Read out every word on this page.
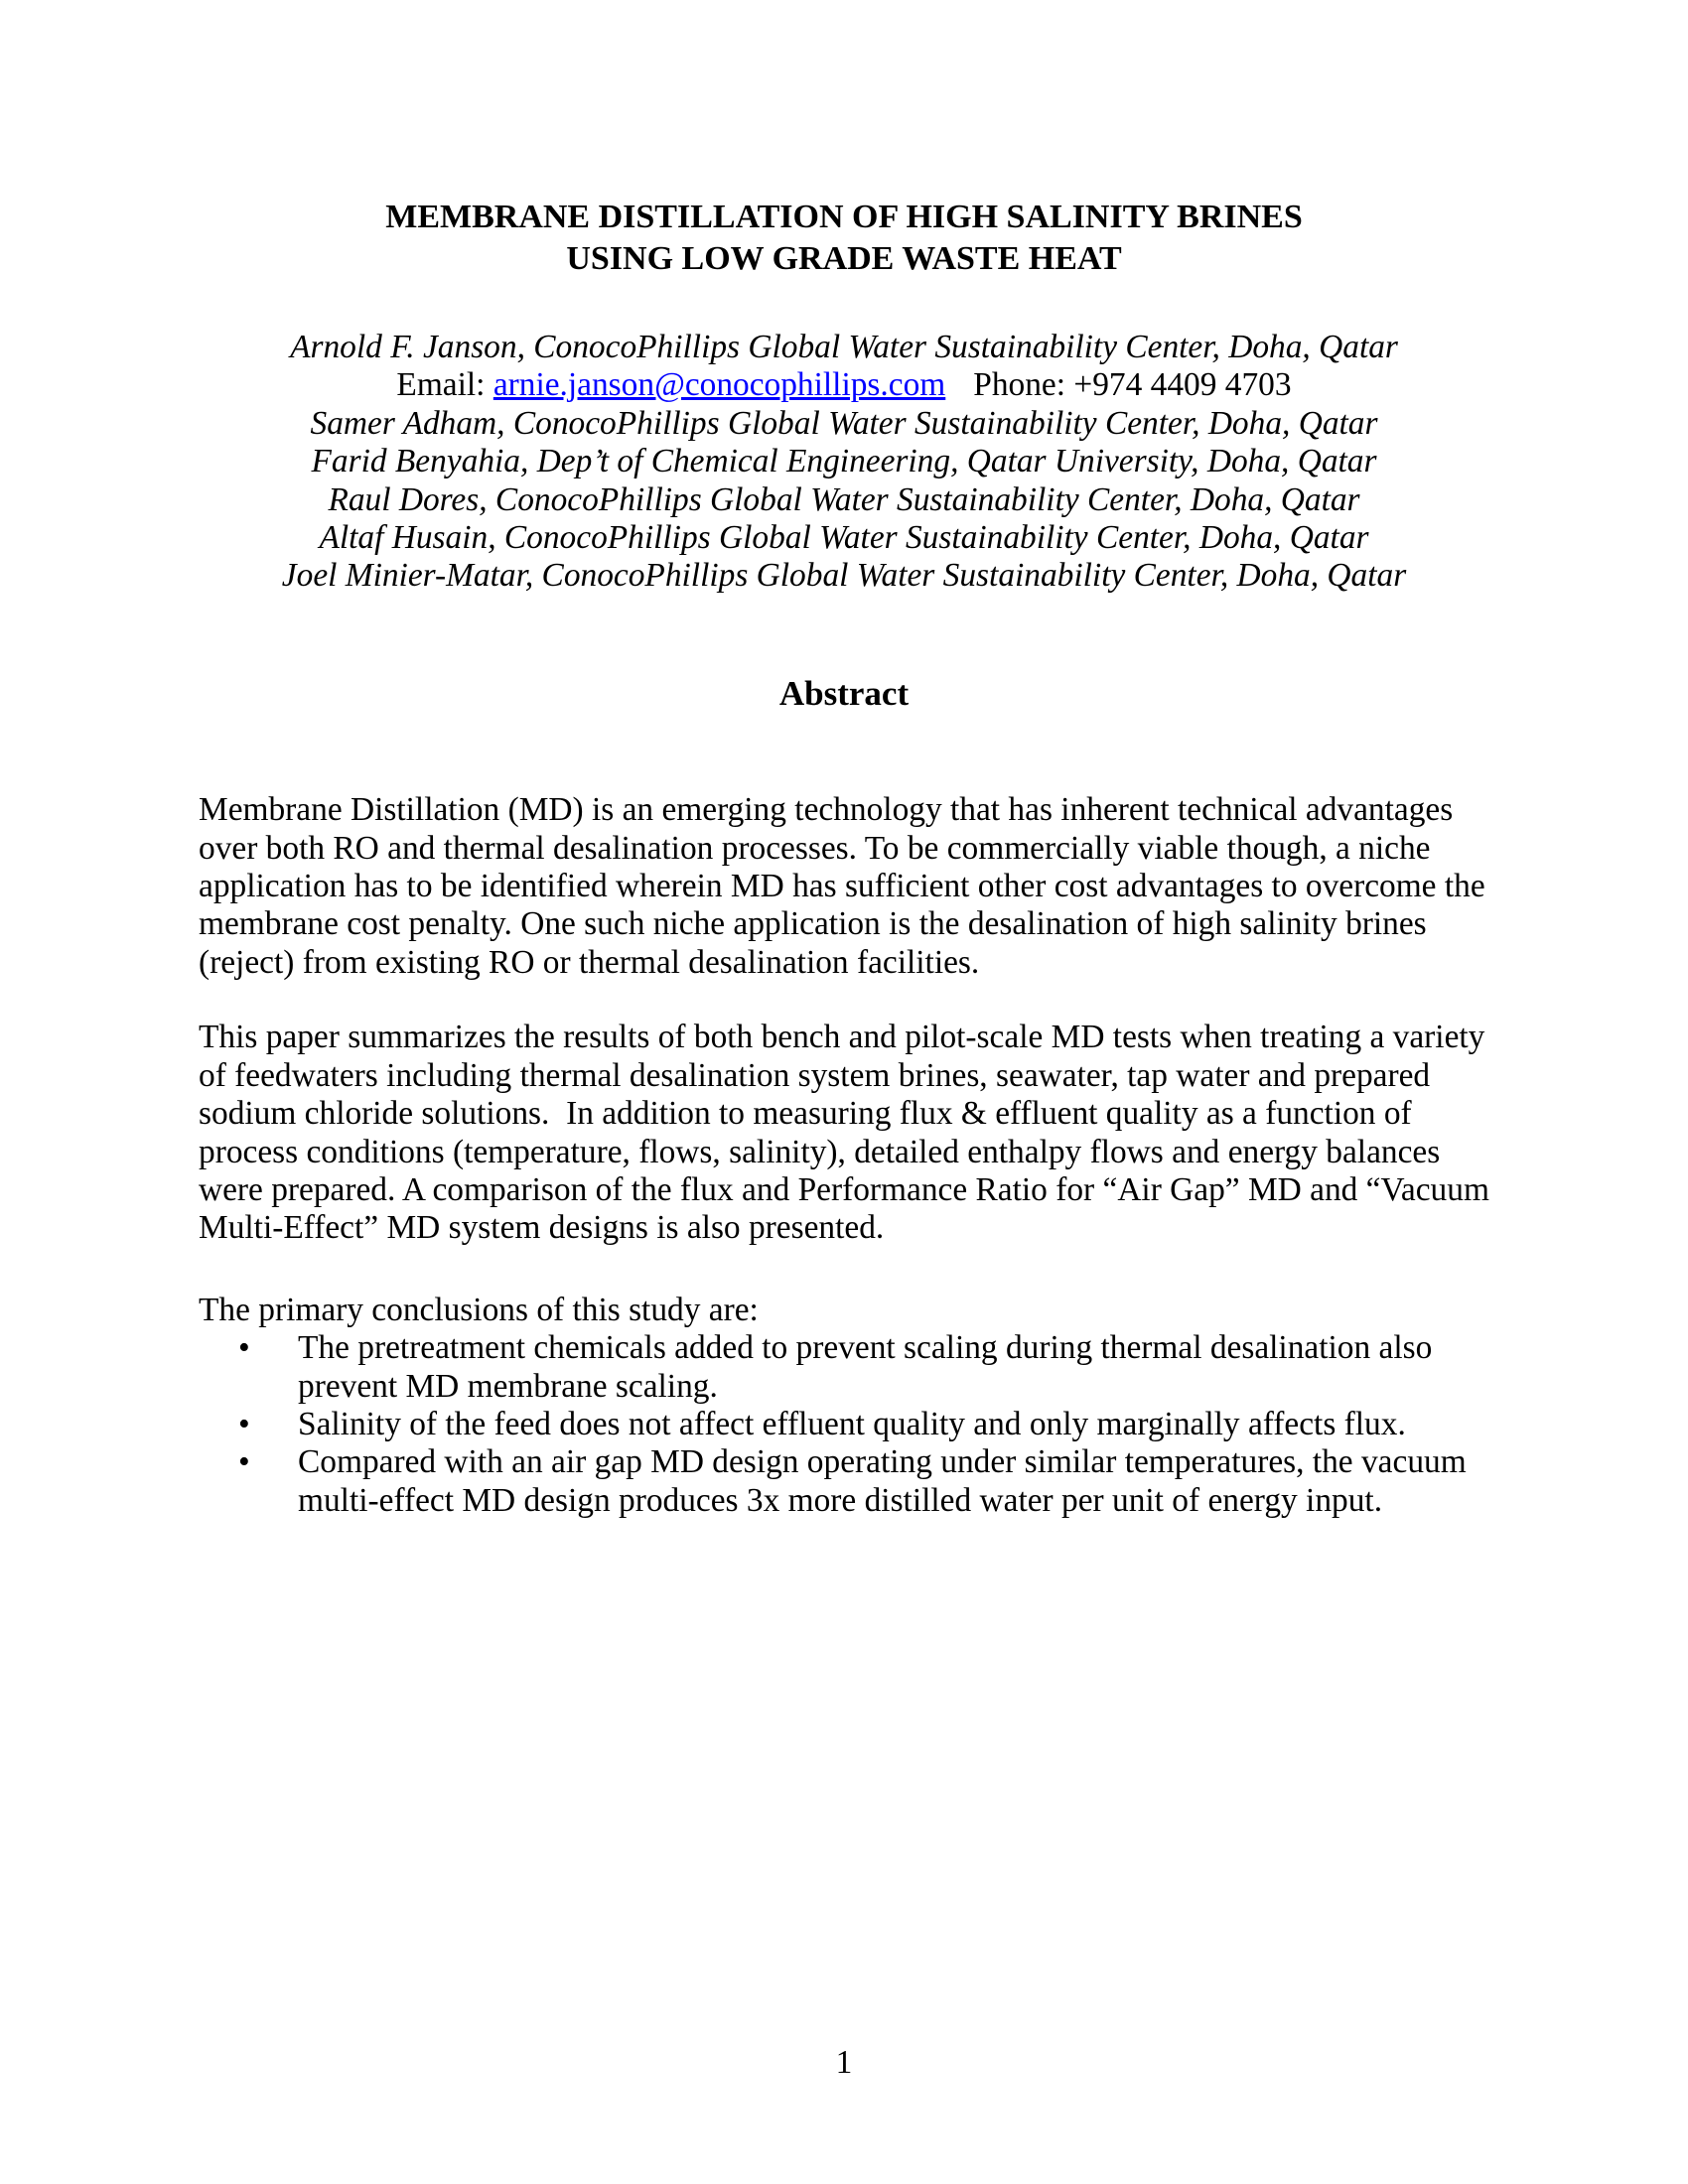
MEMBRANE DISTILLATION OF HIGH SALINITY BRINES
USING LOW GRADE WASTE HEAT
Arnold F. Janson, ConocoPhillips Global Water Sustainability Center, Doha, Qatar
Email: arnie.janson@conocophillips.com Phone: +974 4409 4703
Samer Adham, ConocoPhillips Global Water Sustainability Center, Doha, Qatar
Farid Benyahia, Dep’t of Chemical Engineering, Qatar University, Doha, Qatar
Raul Dores, ConocoPhillips Global Water Sustainability Center, Doha, Qatar
Altaf Husain, ConocoPhillips Global Water Sustainability Center, Doha, Qatar
Joel Minier-Matar, ConocoPhillips Global Water Sustainability Center, Doha, Qatar
Abstract

Membrane Distillation (MD) is an emerging technology that has inherent technical advantages over both RO and thermal desalination processes. To be commercially viable though, a niche application has to be identified wherein MD has sufficient other cost advantages to overcome the membrane cost penalty. One such niche application is the desalination of high salinity brines (reject) from existing RO or thermal desalination facilities.

This paper summarizes the results of both bench and pilot-scale MD tests when treating a variety of feedwaters including thermal desalination system brines, seawater, tap water and prepared sodium chloride solutions.  In addition to measuring flux & effluent quality as a function of process conditions (temperature, flows, salinity), detailed enthalpy flows and energy balances were prepared. A comparison of the flux and Performance Ratio for “Air Gap” MD and “Vacuum Multi-Effect” MD system designs is also presented.

The primary conclusions of this study are:

• The pretreatment chemicals added to prevent scaling during thermal desalination also prevent MD membrane scaling.
• Salinity of the feed does not affect effluent quality and only marginally affects flux.
• Compared with an air gap MD design operating under similar temperatures, the vacuum multi-effect MD design produces 3x more distilled water per unit of energy input.
1
